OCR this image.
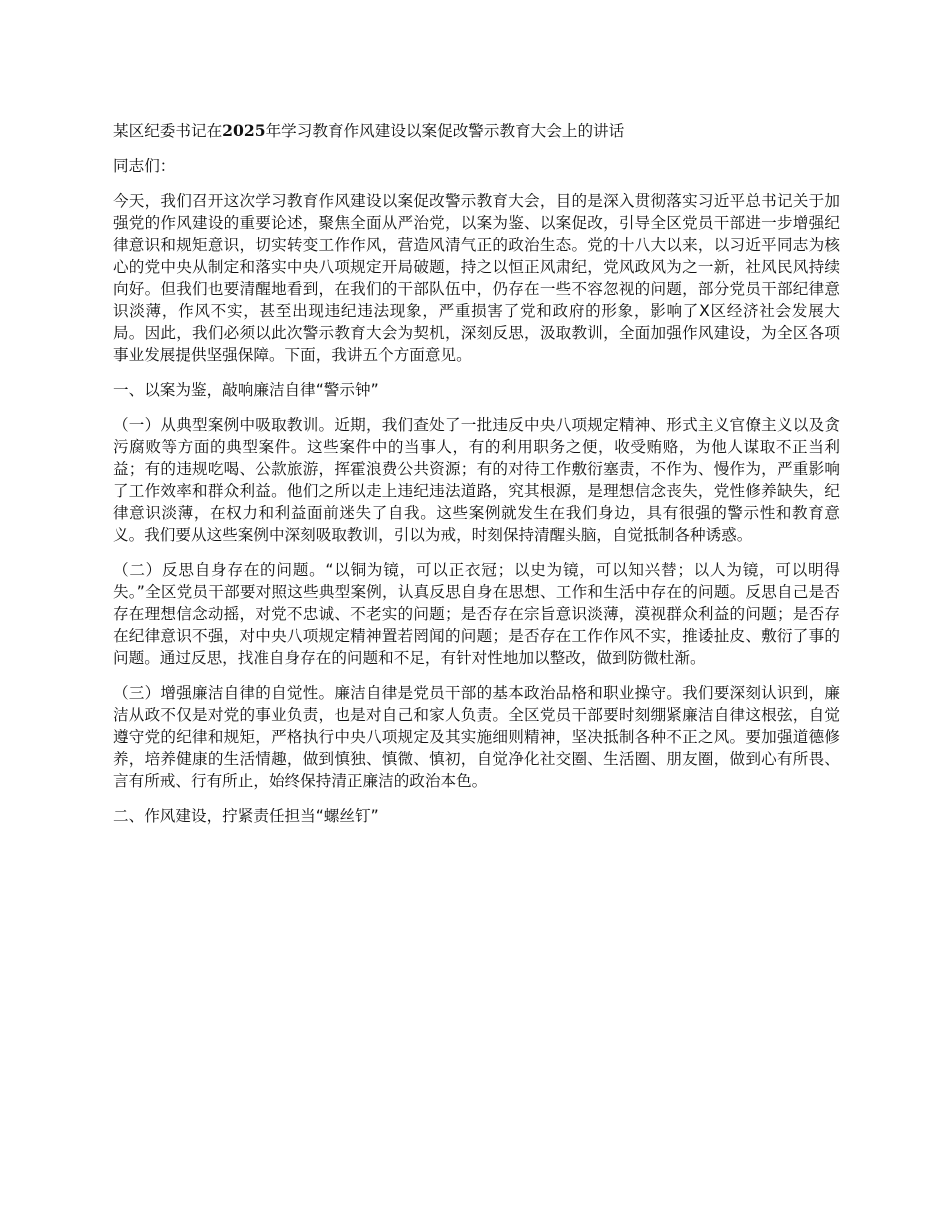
某区纪委书记在2025年学习教育作风建设以案促改警示教育大会上的讲话

同志们：

今天，我们召开这次学习教育作风建设以案促改警示教育大会，目的是深入贯彻落实习近平总书记关于加强党的作风建设的重要论述，聚焦全面从严治党，以案为鉴、以案促改，引导全区党员干部进一步增强纪律意识和规矩意识，切实转变工作作风，营造风清气正的政治生态。党的十八大以来，以习近平同志为核心的党中央从制定和落实中央八项规定开局破题，持之以恒正风肃纪，党风政风为之一新，社风民风持续向好。但我们也要清醒地看到，在我们的干部队伍中，仍存在一些不容忽视的问题，部分党员干部纪律意识淡薄，作风不实，甚至出现违纪违法现象，严重损害了党和政府的形象，影响了X区经济社会发展大局。因此，我们必须以此次警示教育大会为契机，深刻反思，汲取教训，全面加强作风建设，为全区各项事业发展提供坚强保障。下面，我讲五个方面意见。

一、以案为鉴，敲响廉洁自律“警示钟”

（一）从典型案例中吸取教训。近期，我们查处了一批违反中央八项规定精神、形式主义官僚主义以及贪污腐败等方面的典型案件。这些案件中的当事人，有的利用职务之便，收受贿赂，为他人谋取不正当利益；有的违规吃喝、公款旅游，挥霍浪费公共资源；有的对待工作敷衍塞责，不作为、慢作为，严重影响了工作效率和群众利益。他们之所以走上违纪违法道路，究其根源，是理想信念丧失，党性修养缺失，纪律意识淡薄，在权力和利益面前迷失了自我。这些案例就发生在我们身边，具有很强的警示性和教育意义。我们要从这些案例中深刻吸取教训，引以为戒，时刻保持清醒头脑，自觉抵制各种诱惑。

（二）反思自身存在的问题。“以铜为镜，可以正衣冠；以史为镜，可以知兴替；以人为镜，可以明得失。”全区党员干部要对照这些典型案例，认真反思自身在思想、工作和生活中存在的问题。反思自己是否存在理想信念动摇，对党不忠诚、不老实的问题；是否存在宗旨意识淡薄，漠视群众利益的问题；是否存在纪律意识不强，对中央八项规定精神置若罔闻的问题；是否存在工作作风不实，推诿扯皮、敷衍了事的问题。通过反思，找准自身存在的问题和不足，有针对性地加以整改，做到防微杜渐。

（三）增强廉洁自律的自觉性。廉洁自律是党员干部的基本政治品格和职业操守。我们要深刻认识到，廉洁从政不仅是对党的事业负责，也是对自己和家人负责。全区党员干部要时刻绷紧廉洁自律这根弦，自觉遵守党的纪律和规矩，严格执行中央八项规定及其实施细则精神，坚决抵制各种不正之风。要加强道德修养，培养健康的生活情趣，做到慎独、慎微、慎初，自觉净化社交圈、生活圈、朋友圈，做到心有所畏、言有所戒、行有所止，始终保持清正廉洁的政治本色。

二、作风建设，拧紧责任担当“螺丝钉”
